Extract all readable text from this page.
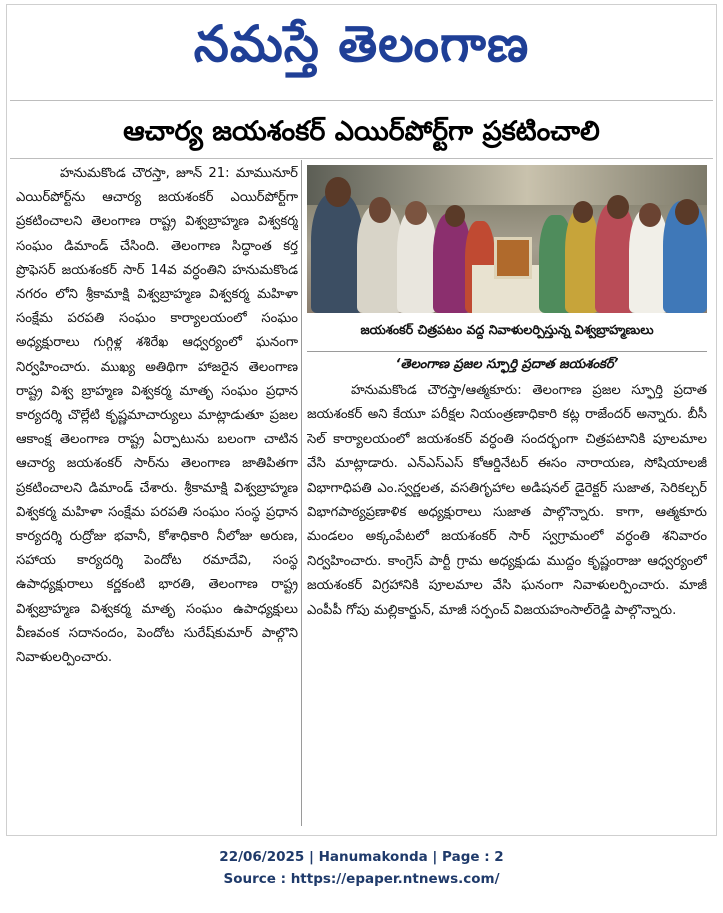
నమస్తే తెలంగాణ
ఆచార్య జయశంకర్ ఎయిర్‌పోర్ట్‌గా ప్రకటించాలి

హనుమకొండ చౌరస్తా, జూన్ 21: మామునూర్ ఎయిర్‌పోర్ట్‌ను ఆచార్య జయశంకర్ ఎయిర్‌పోర్ట్‌గా ప్రకటించాలని తెలంగాణ రాష్ట్ర విశ్వబ్రాహ్మణ విశ్వకర్మ సంఘం డిమాండ్ చేసింది. తెలంగాణ సిద్ధాంత కర్త ప్రొఫెసర్ జయశంకర్ సార్ 14వ వర్ధంతిని హనుమకొండ నగరం లోని శ్రీకామాక్షి విశ్వబ్రాహ్మణ విశ్వకర్మ మహిళా సంక్షేమ పరపతి సంఘం కార్యాలయంలో సంఘం అధ్యక్షురాలు గుగ్గిళ్ల శశిరేఖ ఆధ్వర్యంలో ఘనంగా నిర్వహించారు. ముఖ్య అతిథిగా హాజరైన తెలంగాణ రాష్ట్ర విశ్వ బ్రాహ్మణ విశ్వకర్మ మాతృ సంఘం ప్రధాన కార్యదర్శి చొల్లేటి కృష్ణమాచార్యులు మాట్లాడుతూ ప్రజల ఆకాంక్ష తెలంగాణ రాష్ట్ర ఏర్పాటును బలంగా చాటిన ఆచార్య జయశంకర్ సార్‌ను తెలంగాణ జాతిపితగా ప్రకటించాలని డిమాండ్ చేశారు. శ్రీకామాక్షి విశ్వబ్రాహ్మణ విశ్వకర్మ మహిళా సంక్షేమ పరపతి సంఘం సంస్థ ప్రధాన కార్యదర్శి రుద్రోజు భవానీ, కోశాధికారి నీలోజు అరుణ, సహాయ కార్యదర్శి పెందోట రమాదేవి, సంస్థ ఉపాధ్యక్షురాలు కర్ణకంటి భారతి, తెలంగాణ రాష్ట్ర విశ్వబ్రాహ్మణ విశ్వకర్మ మాతృ సంఘం ఉపాధ్యక్షులు వీణవంక సదానందం, పెందోట సురేష్‌కుమార్ పాల్గొని నివాళులర్పించారు.

జయశంకర్ చిత్రపటం వద్ద నివాళులర్పిస్తున్న విశ్వబ్రాహ్మణులు
‘తెలంగాణ ప్రజల స్ఫూర్తి ప్రదాత జయశంకర్’

హనుమకొండ చౌరస్తా/ఆత్మకూరు: తెలంగాణ ప్రజల స్ఫూర్తి ప్రదాత జయశంకర్ అని కేయూ పరీక్షల నియంత్రణాధికారి కట్ల రాజేందర్ అన్నారు. బీసీ సెల్ కార్యాలయంలో జయశంకర్ వర్ధంతి సందర్భంగా చిత్రపటానికి పూలమాల వేసి మాట్లాడారు. ఎన్ఎస్ఎస్ కోఆర్డినేటర్ ఈసం నారాయణ, సోషియాలజీ విభాగాధిపతి ఎం.స్వర్ణలత, వసతిగృహాల అడిషనల్ డైరెక్టర్ సుజాత, సెరికల్చర్ విభాగపాఠ్యప్రణాళిక అధ్యక్షురాలు సుజాత పాల్గొన్నారు. కాగా, ఆత్మకూరు మండలం అక్కంపేటలో జయశంకర్ సార్ స్వగ్రామంలో వర్ధంతి శనివారం నిర్వహించారు. కాంగ్రెస్ పార్టీ గ్రామ అధ్యక్షుడు ముద్దం కృష్ణంరాజు ఆధ్వర్యంలో జయశంకర్ విగ్రహానికి పూలమాల వేసి ఘనంగా నివాళులర్పించారు. మాజీ ఎంపీపీ గోపు మల్లికార్జున్, మాజీ సర్పంచ్ విజయహంసాల్‌రెడ్డి పాల్గొన్నారు.

22/06/2025 | Hanumakonda | Page : 2
Source : https://epaper.ntnews.com/
